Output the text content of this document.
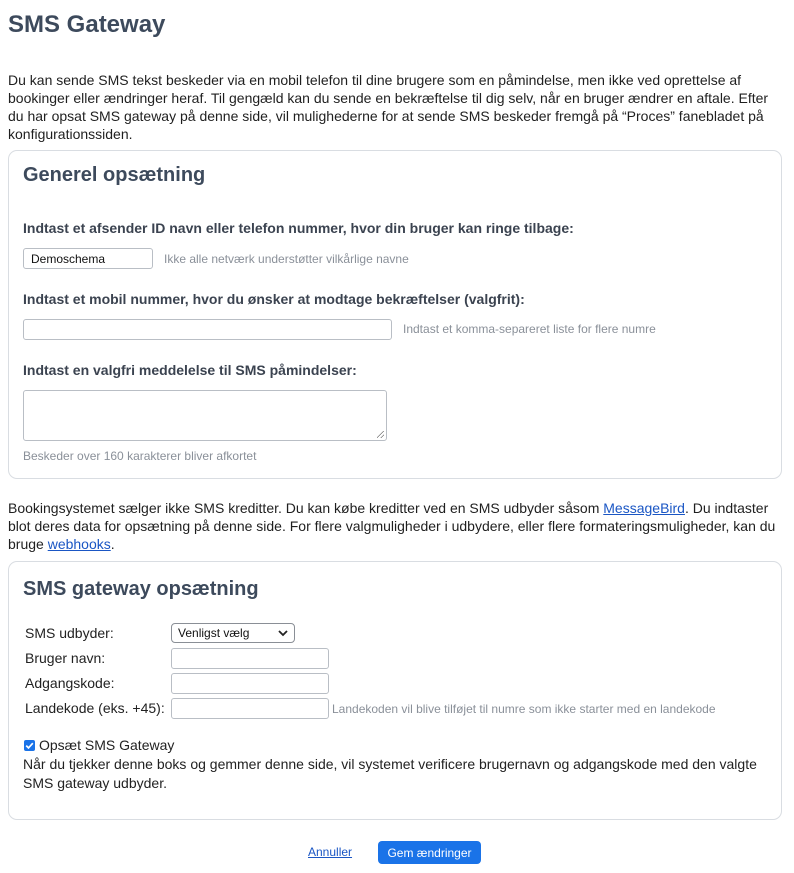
SMS Gateway

Du kan sende SMS tekst beskeder via en mobil telefon til dine brugere som en påmindelse, men ikke ved oprettelse af bookinger eller ændringer heraf. Til gengæld kan du sende en bekræftelse til dig selv, når en bruger ændrer en aftale. Efter du har opsat SMS gateway på denne side, vil mulighederne for at sende SMS beskeder fremgå på “Proces” fanebladet på konfigurationssiden.

Generel opsætning
Indtast et afsender ID navn eller telefon nummer, hvor din bruger kan ringe tilbage:
Demoschema	Ikke alle netværk understøtter vilkårlige navne
Indtast et mobil nummer, hvor du ønsker at modtage bekræftelser (valgfrit):
Indtast et komma-separeret liste for flere numre
Indtast en valgfri meddelelse til SMS påmindelser:
Beskeder over 160 karakterer bliver afkortet

Bookingsystemet sælger ikke SMS kreditter. Du kan købe kreditter ved en SMS udbyder såsom MessageBird. Du indtaster blot deres data for opsætning på denne side. For flere valgmuligheder i udbydere, eller flere formateringsmuligheder, kan du bruge webhooks.

SMS gateway opsætning
SMS udbyder:	Venligst vælg
Bruger navn:
Adgangskode:
Landekode (eks. +45):	Landekoden vil blive tilføjet til numre som ikke starter med en landekode
Opsæt SMS Gateway

Når du tjekker denne boks og gemmer denne side, vil systemet verificere brugernavn og adgangskode med den valgte SMS gateway udbyder.

Annuller	Gem ændringer
